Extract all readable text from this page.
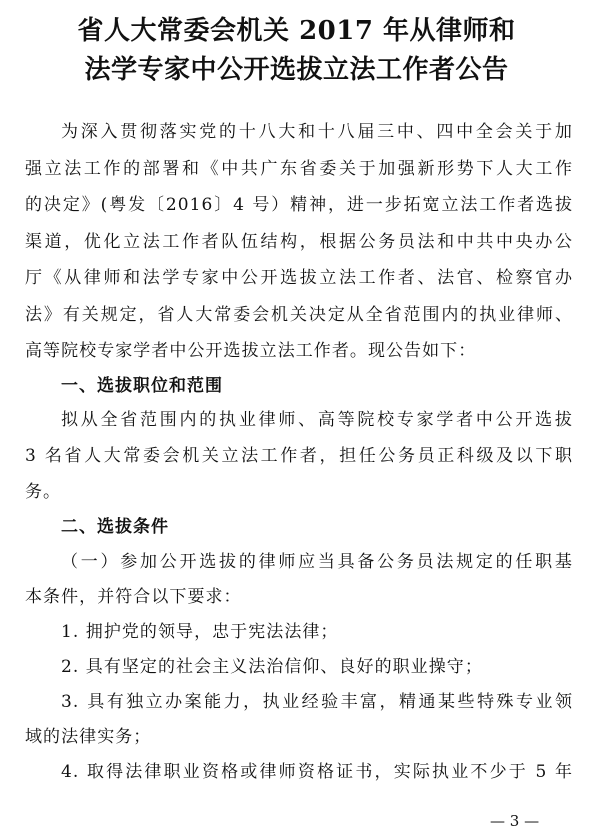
省人大常委会机关 2017 年从律师和
法学专家中公开选拔立法工作者公告
为深入贯彻落实党的十八大和十八届三中、四中全会关于加
强立法工作的部署和《中共广东省委关于加强新形势下人大工作
的决定》(粤发〔2016〕4 号）精神，进一步拓宽立法工作者选拔
渠道，优化立法工作者队伍结构，根据公务员法和中共中央办公
厅《从律师和法学专家中公开选拔立法工作者、法官、检察官办
法》有关规定，省人大常委会机关决定从全省范围内的执业律师、
高等院校专家学者中公开选拔立法工作者。现公告如下：
一、选拔职位和范围
拟从全省范围内的执业律师、高等院校专家学者中公开选拔
3 名省人大常委会机关立法工作者，担任公务员正科级及以下职
务。
二、选拔条件
（一）参加公开选拔的律师应当具备公务员法规定的任职基
本条件，并符合以下要求：
1. 拥护党的领导，忠于宪法法律；
2. 具有坚定的社会主义法治信仰、良好的职业操守；
3. 具有独立办案能力，执业经验丰富，精通某些特殊专业领
域的法律实务；
4. 取得法律职业资格或律师资格证书，实际执业不少于 5 年
— 3 —
